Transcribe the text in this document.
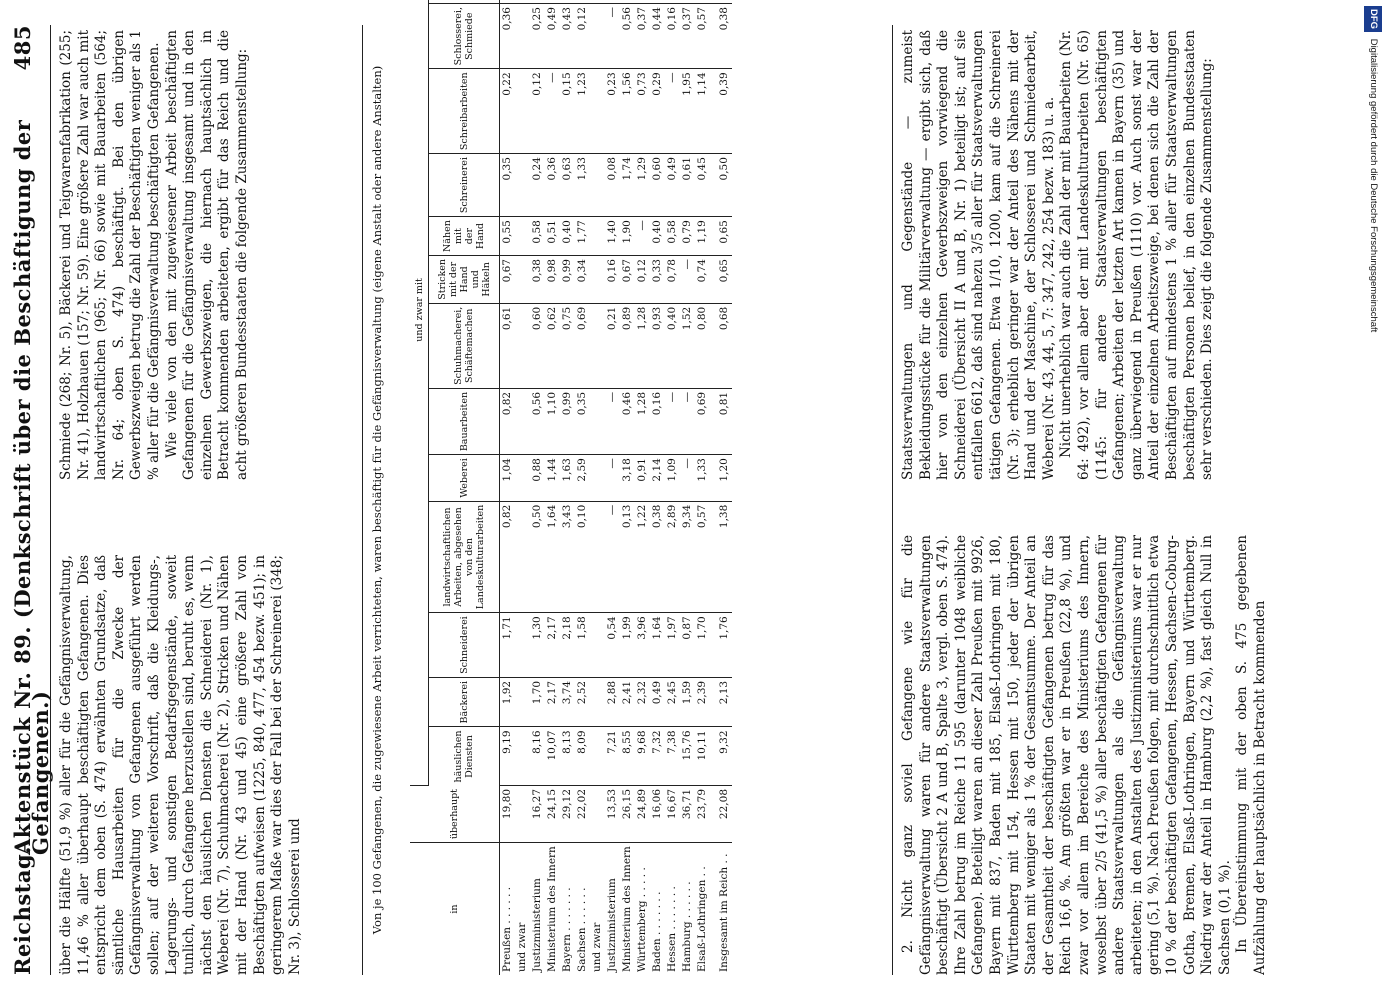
Reichstag.
Aktenstück Nr. 89. (Denkschrift über die Beschäftigung der Gefangenen.)
485

über die Hälfte (51,9 %) aller für die Gefängnisverwaltung, 11,46 % aller überhaupt beschäftigten Gefangenen. Dies entspricht dem oben (S. 474) erwähnten Grundsatze, daß sämtliche Hausarbeiten für die Zwecke der Gefängnisverwaltung von Gefangenen ausgeführt werden sollen; auf der weiteren Vorschrift, daß die Kleidungs-, Lagerungs- und sonstigen Bedarfsgegenstände, soweit tunlich, durch Gefangene herzustellen sind, beruht es, wenn nächst den häuslichen Diensten die Schneiderei (Nr. 1), Weberei (Nr. 7), Schuhmacherei (Nr. 2), Stricken und Nähen mit der Hand (Nr. 43 und 45) eine größere Zahl von Beschäftigten aufweisen (1225, 840, 477, 454 bezw. 451); in geringerem Maße war dies der Fall bei der Schreinerei (348; Nr. 3), Schlosserei und

Schmiede (268; Nr. 5), Bäckerei und Teigwarenfabrikation (255; Nr. 41), Holzhauen (157; Nr. 59). Eine größere Zahl war auch mit landwirtschaftlichen (965; Nr. 66) sowie mit Bauarbeiten (564; Nr. 64; oben S. 474) beschäftigt. Bei den übrigen Gewerbszweigen betrug die Zahl der Beschäftigten weniger als 1 % aller für die Gefängnisverwaltung beschäftigten Gefangenen. Wie viele von den mit zugewiesener Arbeit beschäftigten Gefangenen für die Gefängnisverwaltung insgesamt und in den einzelnen Gewerbszweigen, die hiernach hauptsächlich in Betracht kommenden arbeiteten, ergibt für das Reich und die acht größeren Bundesstaaten die folgende Zusammenstellung:	Von je 100 Gefangenen, die zugewiesene Arbeit verrichteten, waren beschäftigt für die Gefängnisverwaltung (eigene Anstalt oder andere Anstalten)	in	überhaupt	und zwar mit													
		häuslichen Diensten	Bäckerei	Schneiderei	landwirtschaftlichen Arbeiten, abgesehen von den Landeskulturarbeiten	Weberei	Bauarbeiten	Schuhmacherei, Schäftemachen	Stricken mit der Hand und Häkeln	Nähen mit der Hand	Schreinerei	Schreibarbeiten	Schlosserei, Schmiede		
Preußen . . . . . .	19,80	9,19	1,92	1,71	0,82	1,04	0,82	0,61	0,67	0,55	0,35	0,22	0,36		
und zwar															
Justizministerium	16,27	8,16	1,70	1,30	0,50	0,88	0,56	0,60	0,38	0,58	0,24	0,12	0,25		
Ministerium des Innern	24,15	10,07	2,17	2,17	1,64	1,44	1,10	0,62	0,98	0,51	0,36	—	0,49		
Bayern . . . . . . .	29,12	8,13	3,74	2,18	3,43	1,63	0,99	0,75	0,99	0,40	0,63	0,15	0,43		
Sachsen . . . . . .	22,02	8,09	2,52	1,58	0,10	2,59	0,35	0,69	0,34	1,77	1,33	1,23	0,12		
und zwar															
Justizministerium	13,53	7,21	2,88	0,54	—	—	—	0,21	0,16	1,40	0,08	0,23	—		
Ministerium des Innern	26,15	8,55	2,41	1,99	0,13	3,18	0,46	0,89	0,67	1,90	1,74	1,56	0,56		
Württemberg . . . . .	24,89	9,68	2,32	3,96	1,22	0,91	1,28	1,28	0,12	—	1,29	0,73	0,37		
Baden . . . . . . .	16,06	7,32	0,49	1,64	0,38	2,14	0,16	0,93	0,33	0,40	0,60	0,29	0,44		
Hessen . . . . . . .	16,67	7,38	2,45	1,97	2,89	1,09	—	0,40	0,78	0,58	0,49	—	0,16		
Hamburg . . . . . .	36,71	15,76	1,59	0,87	9,34	—	—	1,52	—	0,79	0,61	1,95	0,37		
Elsaß-Lothringen . .	23,79	10,11	2,39	1,70	0,57	1,33	0,69	0,80	0,74	1,19	0,45	1,14	0,57		
Insgesamt im Reich . .	22,08	9,32	2,13	1,76	1,38	1,20	0,81	0,68	0,65	0,65	0,50	0,39	0,38		

2. Nicht ganz soviel Gefangene wie für die Gefängnisverwaltung waren für andere Staatsverwaltungen beschäftigt (Übersicht 2 A und B, Spalte 3, vergl. oben S. 474). Ihre Zahl betrug im Reiche 11 595 (darunter 1048 weibliche Gefangene). Beteiligt waren an dieser Zahl Preußen mit 9926, Bayern mit 837, Baden mit 185, Elsaß-Lothringen mit 180, Württemberg mit 154, Hessen mit 150, jeder der übrigen Staaten mit weniger als 1 % der Gesamtsumme. Der Anteil an der Gesamtheit der beschäftigten Gefangenen betrug für das Reich 16,6 %. Am größten war er in Preußen (22,8 %), und zwar vor allem im Bereiche des Ministeriums des Innern, woselbst über 2/5 (41,5 %) aller beschäftigten Gefangenen für andere Staatsverwaltungen als die Gefängnisverwaltung arbeiteten; in den Anstalten des Justizministeriums war er nur gering (5,1 %). Nach Preußen folgen, mit durchschnittlich etwa 10 % der beschäftigten Gefangenen, Hessen, Sachsen-Coburg-Gotha, Bremen, Elsaß-Lothringen, Bayern und Württemberg. Niedrig war der Anteil in Hamburg (2,2 %), fast gleich Null in Sachsen (0,1 %). In Übereinstimmung mit der oben S. 475 gegebenen Aufzählung der hauptsächlich in Betracht kommenden

Staatsverwaltungen und Gegenstände — zumeist Bekleidungsstücke für die Militärverwaltung — ergibt sich, daß hier von den einzelnen Gewerbszweigen vorwiegend die Schneiderei (Übersicht II A und B, Nr. 1) beteiligt ist; auf sie entfallen 6612, daß sind nahezu 3/5 aller für Staatsverwaltungen tätigen Gefangenen. Etwa 1/10, 1200, kam auf die Schreinerei (Nr. 3); erheblich geringer war der Anteil des Nähens mit der Hand und der Maschine, der Schlosserei und Schmiedearbeit, Weberei (Nr. 43, 44, 5, 7: 347, 242, 254 bezw. 183) u. a. Nicht unerheblich war auch die Zahl der mit Bauarbeiten (Nr. 64: 492), vor allem aber der mit Landeskulturarbeiten (Nr. 65) (1145: für andere Staatsverwaltungen beschäftigten Gefangenen; Arbeiten der letzten Art kamen in Bayern (35) und ganz überwiegend in Preußen (1110) vor. Auch sonst war der Anteil der einzelnen Arbeitszweige, bei denen sich die Zahl der Beschäftigten auf mindestens 1 % aller für Staatsverwaltungen beschäftigten Personen belief, in den einzelnen Bundesstaaten sehr verschieden. Dies zeigt die folgende Zusammenstellung:

DFG Digitalisierung gefördert durch die Deutsche Forschungsgemeinschaft
